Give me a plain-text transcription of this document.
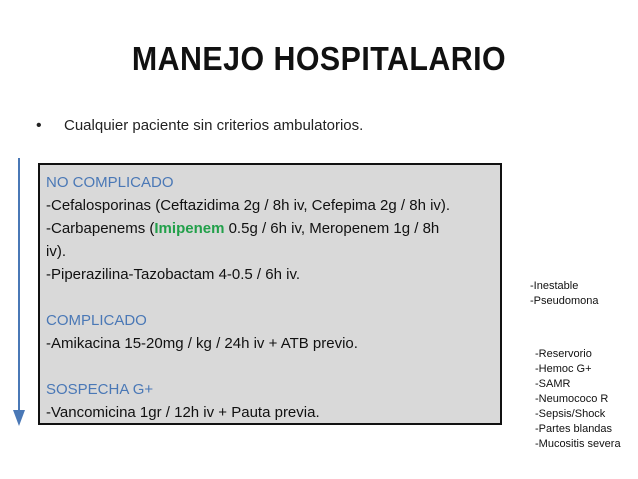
MANEJO HOSPITALARIO
• Cualquier paciente sin criterios ambulatorios.
NO COMPLICADO
-Cefalosporinas (Ceftazidima 2g / 8h iv, Cefepima 2g / 8h iv).
-Carbapenems (Imipenem 0.5g / 6h iv, Meropenem 1g / 8h
iv).
-Piperazilina-Tazobactam 4-0.5 / 6h iv.
COMPLICADO
-Amikacina 15-20mg / kg / 24h iv + ATB previo.
SOSPECHA G+
-Vancomicina 1gr / 12h iv + Pauta previa.
-Inestable
-Pseudomona
-Reservorio
-Hemoc G+
-SAMR
-Neumococo R
-Sepsis/Shock
-Partes blandas
-Mucositis severa
